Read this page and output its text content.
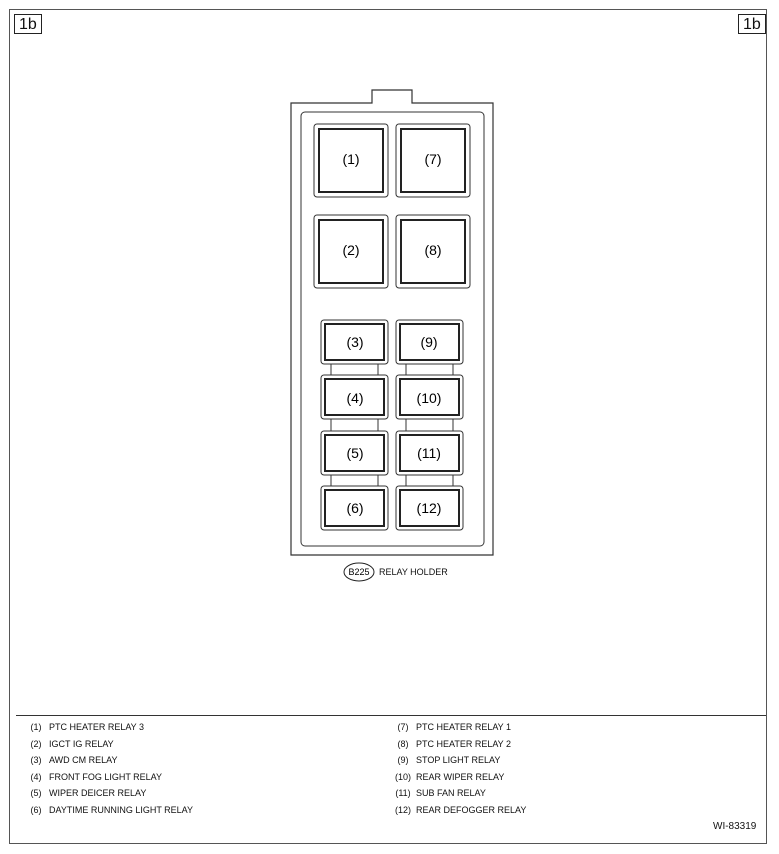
1b	1b
(1)	(7)
(2)	(8)
(3)	(9)
(4)	(10)
(5)	(11)
(6)	(12)
B225 RELAY HOLDER
(1) PTC HEATER RELAY 3
(2) IGCT IG RELAY
(3) AWD CM RELAY
(4) FRONT FOG LIGHT RELAY
(5) WIPER DEICER RELAY
(6) DAYTIME RUNNING LIGHT RELAY
(7) PTC HEATER RELAY 1
(8) PTC HEATER RELAY 2
(9) STOP LIGHT RELAY
(10) REAR WIPER RELAY
(11) SUB FAN RELAY
(12) REAR DEFOGGER RELAY
WI-83319
